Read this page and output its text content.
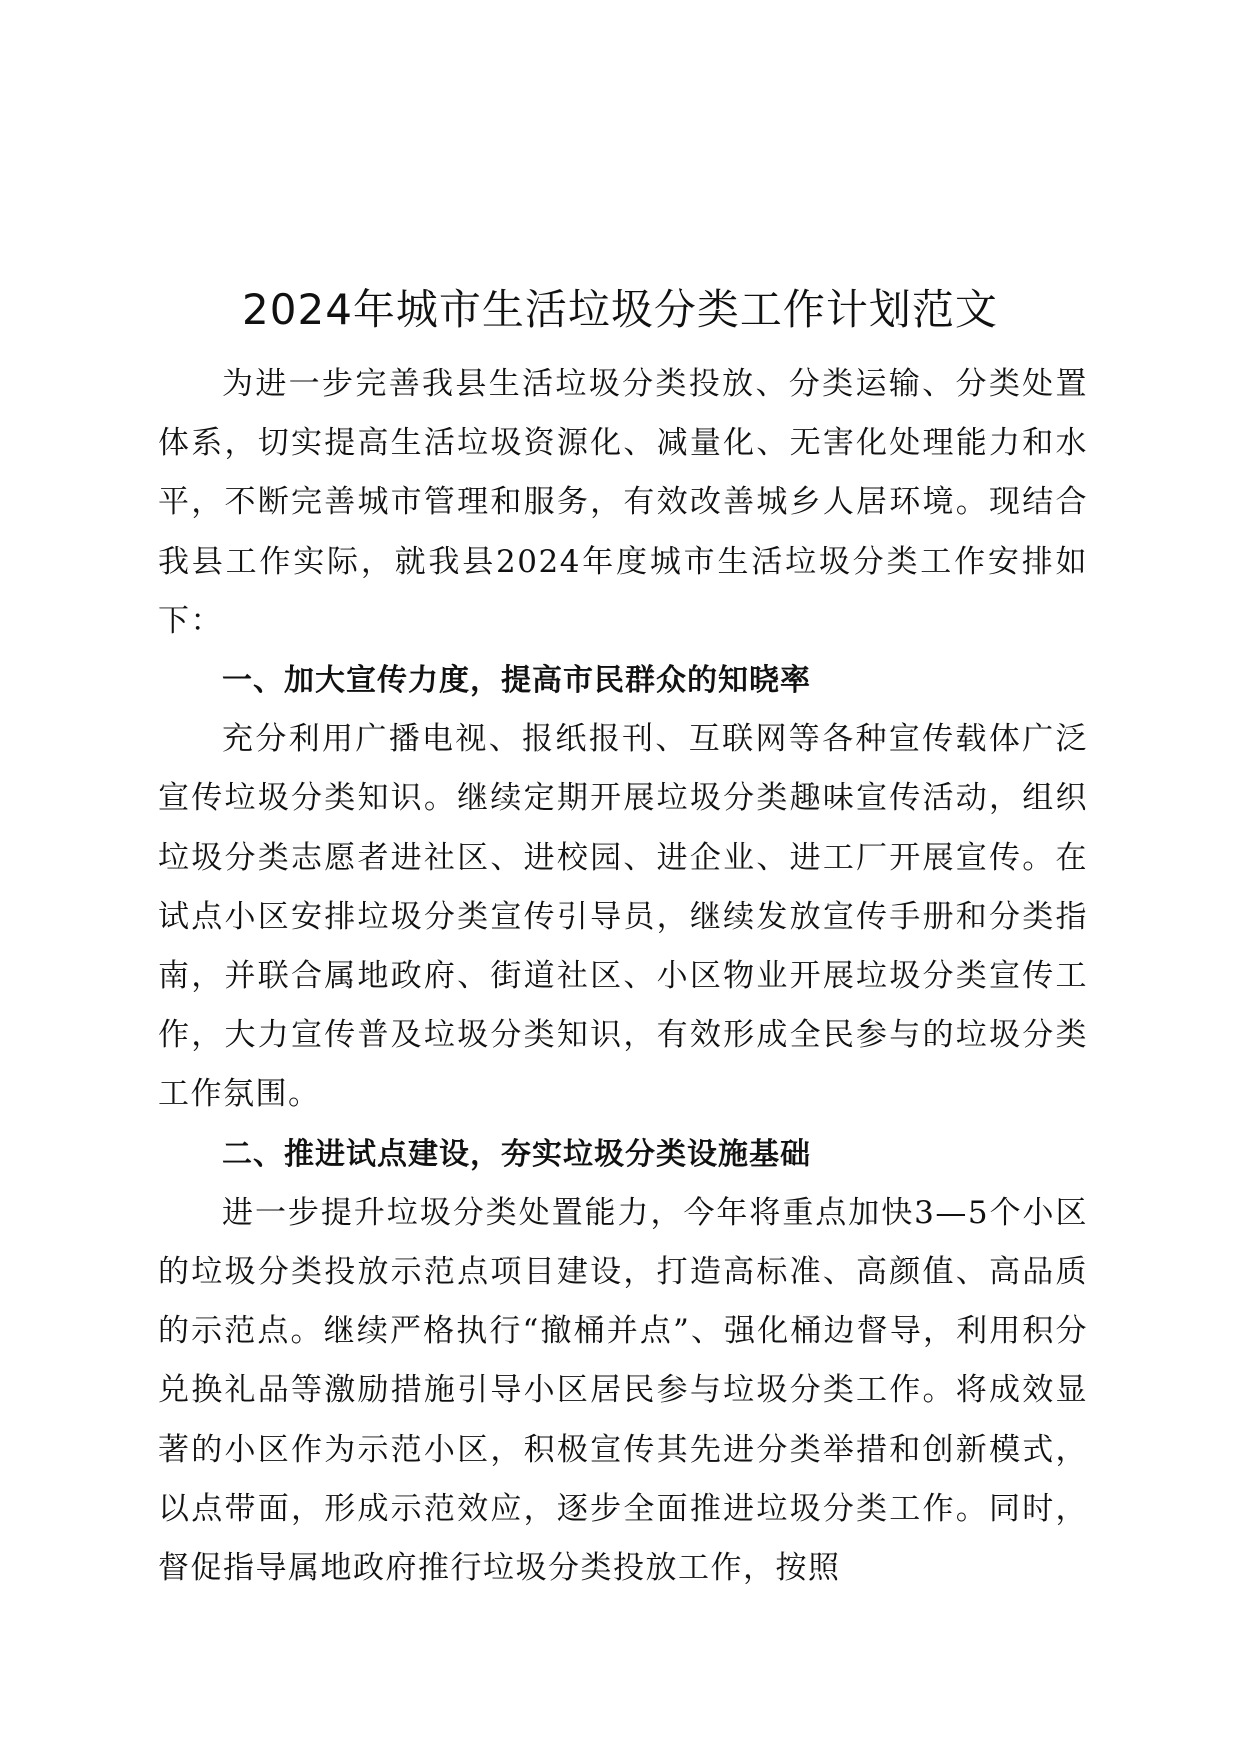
2024年城市生活垃圾分类工作计划范文

为进一步完善我县生活垃圾分类投放、分类运输、分类处置体系，切实提高生活垃圾资源化、减量化、无害化处理能力和水平，不断完善城市管理和服务，有效改善城乡人居环境。现结合我县工作实际，就我县2024年度城市生活垃圾分类工作安排如下：

一、加大宣传力度，提高市民群众的知晓率

充分利用广播电视、报纸报刊、互联网等各种宣传载体广泛宣传垃圾分类知识。继续定期开展垃圾分类趣味宣传活动，组织垃圾分类志愿者进社区、进校园、进企业、进工厂开展宣传。在试点小区安排垃圾分类宣传引导员，继续发放宣传手册和分类指南，并联合属地政府、街道社区、小区物业开展垃圾分类宣传工作，大力宣传普及垃圾分类知识，有效形成全民参与的垃圾分类工作氛围。

二、推进试点建设，夯实垃圾分类设施基础

进一步提升垃圾分类处置能力，今年将重点加快3—5个小区的垃圾分类投放示范点项目建设，打造高标准、高颜值、高品质的示范点。继续严格执行“撤桶并点”、强化桶边督导，利用积分兑换礼品等激励措施引导小区居民参与垃圾分类工作。将成效显著的小区作为示范小区，积极宣传其先进分类举措和创新模式，以点带面，形成示范效应，逐步全面推进垃圾分类工作。同时，督促指导属地政府推行垃圾分类投放工作，按照
